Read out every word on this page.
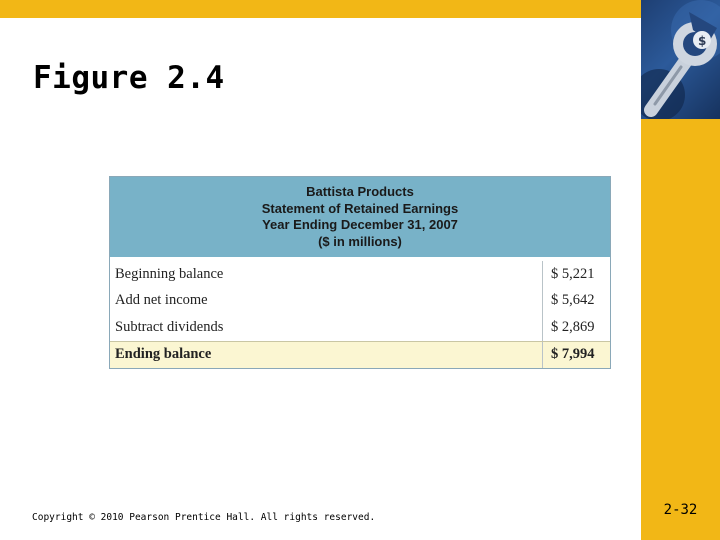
$
2-32
Figure 2.4
Battista Products
Statement of Retained Earnings
Year Ending December 31, 2007
($ in millions)
Beginning balance	$ 5,221
Add net income	$ 5,642
Subtract dividends	$ 2,869
Ending balance	$ 7,994
Copyright © 2010 Pearson Prentice Hall. All rights reserved.
